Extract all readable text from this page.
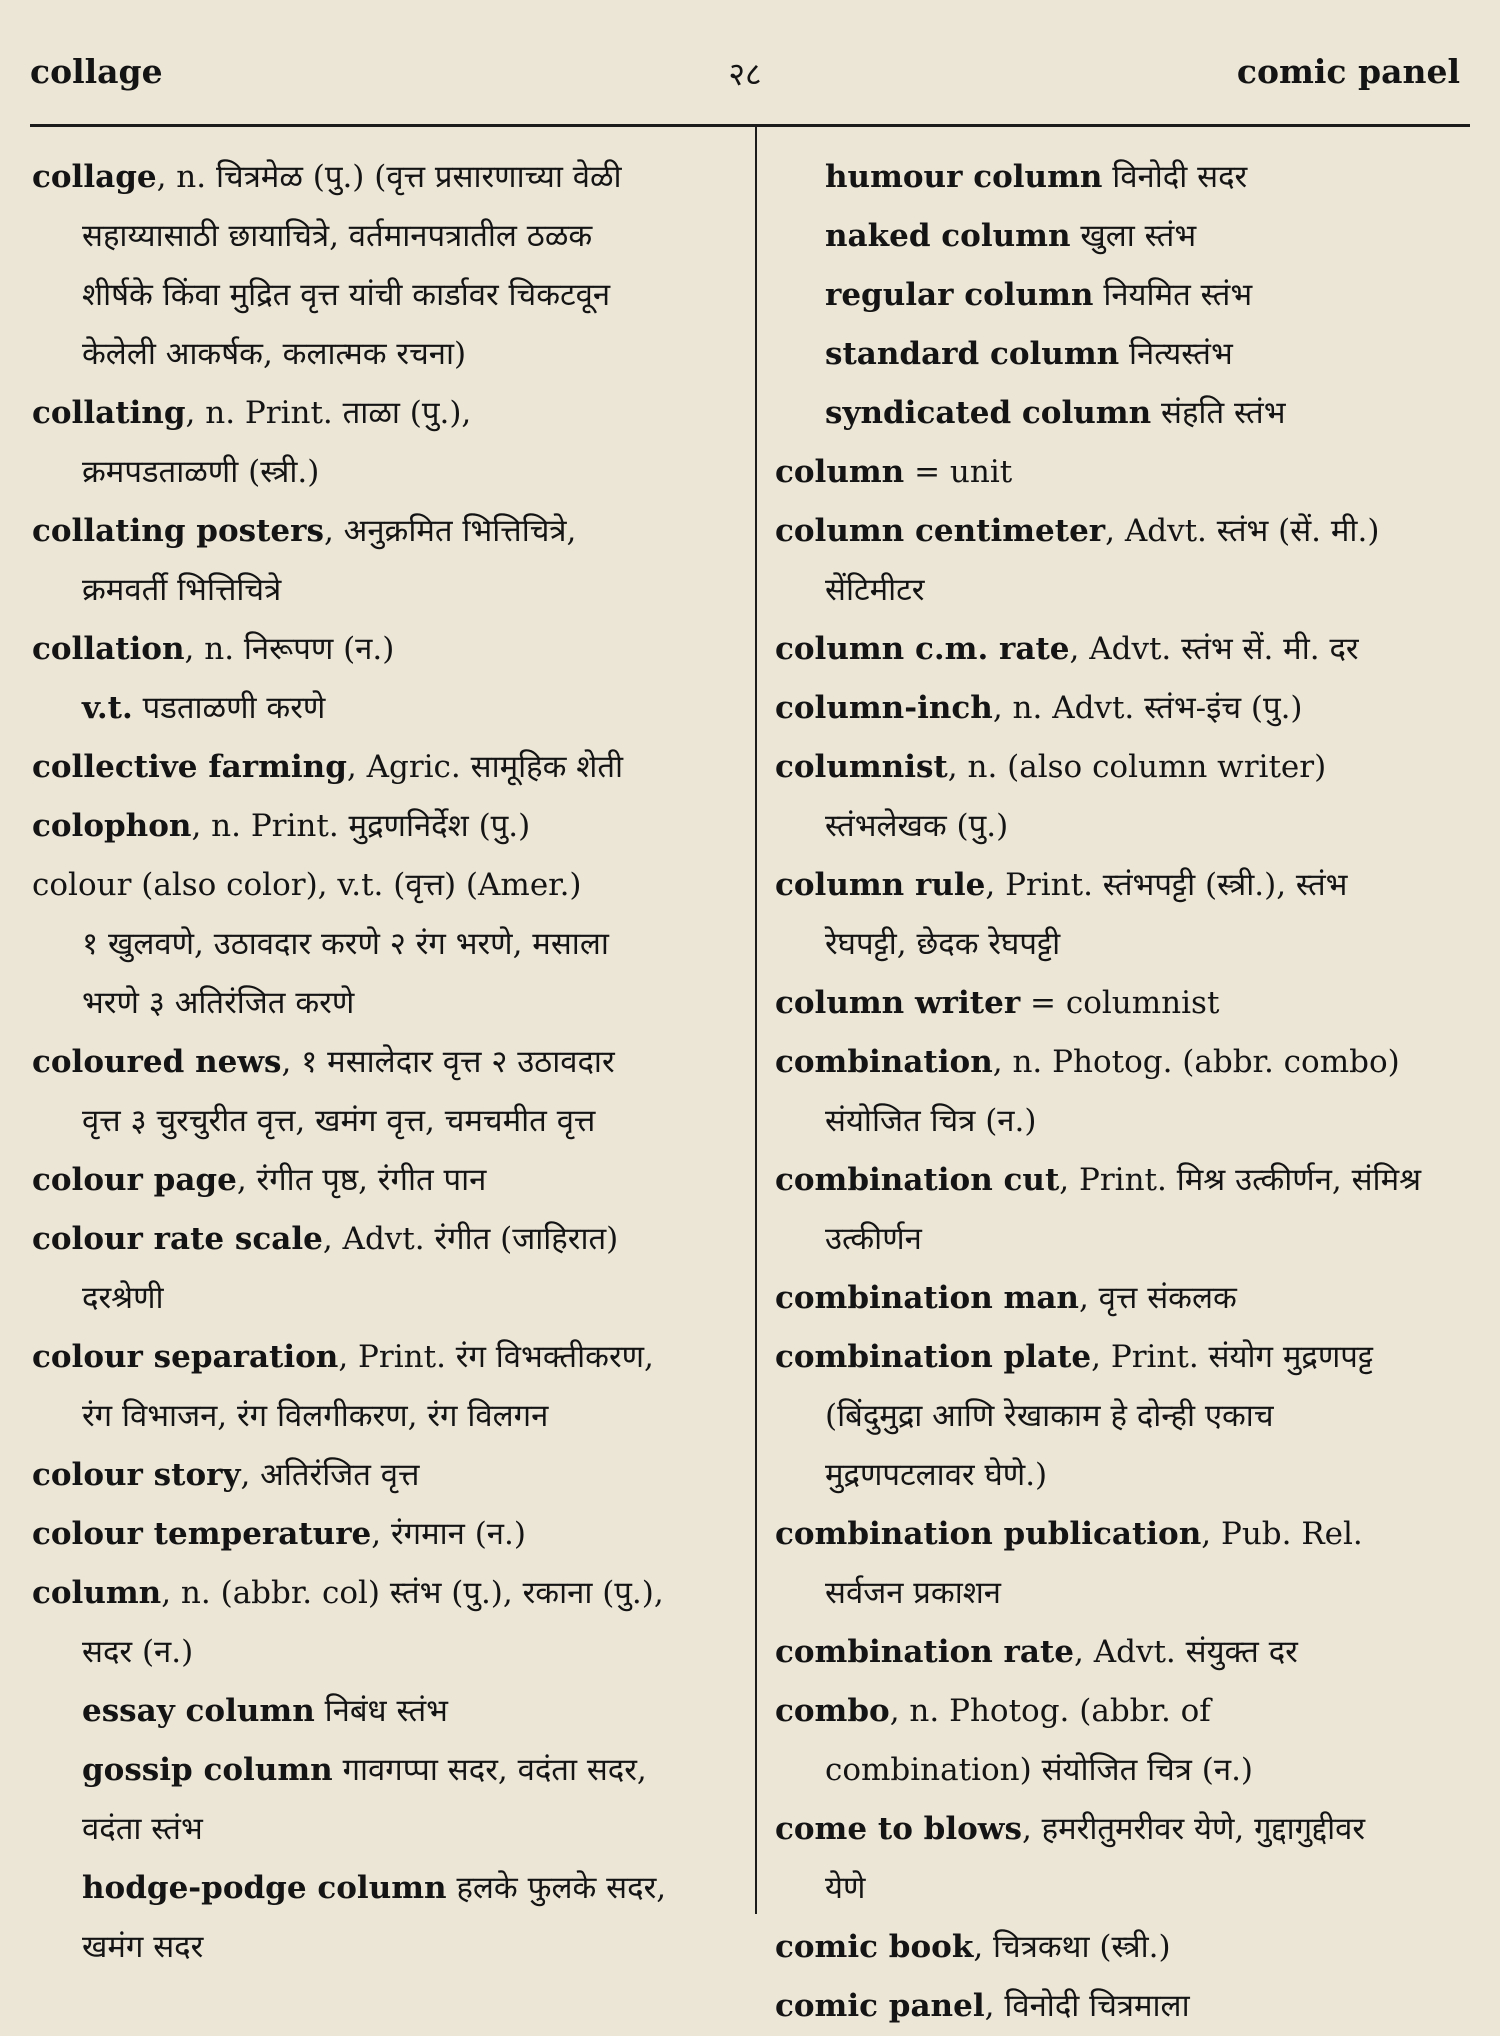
collage	२८	comic panel
collage, n. चित्रमेळ (पु.) (वृत्त प्रसारणाच्या वेळी
सहाय्यासाठी छायाचित्रे, वर्तमानपत्रातील ठळक
शीर्षके किंवा मुद्रित वृत्त यांची कार्डावर चिकटवून
केलेली आकर्षक, कलात्मक रचना)
collating, n. Print. ताळा (पु.),
क्रमपडताळणी (स्त्री.)
collating posters, अनुक्रमित भित्तिचित्रे,
क्रमवर्ती भित्तिचित्रे
collation, n. निरूपण (न.)
v.t. पडताळणी करणे
collective farming, Agric. सामूहिक शेती
colophon, n. Print. मुद्रणनिर्देश (पु.)
colour (also color), v.t. (वृत्त) (Amer.)
१ खुलवणे, उठावदार करणे २ रंग भरणे, मसाला
भरणे ३ अतिरंजित करणे
coloured news, १ मसालेदार वृत्त २ उठावदार
वृत्त ३ चुरचुरीत वृत्त, खमंग वृत्त, चमचमीत वृत्त
colour page, रंगीत पृष्ठ, रंगीत पान
colour rate scale, Advt. रंगीत (जाहिरात)
दरश्रेणी
colour separation, Print. रंग विभक्तीकरण,
रंग विभाजन, रंग विलगीकरण, रंग विलगन
colour story, अतिरंजित वृत्त
colour temperature, रंगमान (न.)
column, n. (abbr. col) स्तंभ (पु.), रकाना (पु.),
सदर (न.)
essay column निबंध स्तंभ
gossip column गावगप्पा सदर, वदंता सदर,
वदंता स्तंभ
hodge-podge column हलके फुलके सदर,
खमंग सदर
humour column विनोदी सदर
naked column खुला स्तंभ
regular column नियमित स्तंभ
standard column नित्यस्तंभ
syndicated column संहति स्तंभ
column = unit
column centimeter, Advt. स्तंभ (सें. मी.)
सेंटिमीटर
column c.m. rate, Advt. स्तंभ सें. मी. दर
column-inch, n. Advt. स्तंभ-इंच (पु.)
columnist, n. (also column writer)
स्तंभलेखक (पु.)
column rule, Print. स्तंभपट्टी (स्त्री.), स्तंभ
रेघपट्टी, छेदक रेघपट्टी
column writer = columnist
combination, n. Photog. (abbr. combo)
संयोजित चित्र (न.)
combination cut, Print. मिश्र उत्कीर्णन, संमिश्र
उत्कीर्णन
combination man, वृत्त संकलक
combination plate, Print. संयोग मुद्रणपट्ट
(बिंदुमुद्रा आणि रेखाकाम हे दोन्ही एकाच
मुद्रणपटलावर घेणे.)
combination publication, Pub. Rel.
सर्वजन प्रकाशन
combination rate, Advt. संयुक्त दर
combo, n. Photog. (abbr. of
combination) संयोजित चित्र (न.)
come to blows, हमरीतुमरीवर येणे, गुद्दागुद्दीवर
येणे
comic book, चित्रकथा (स्त्री.)
comic panel, विनोदी चित्रमाला
